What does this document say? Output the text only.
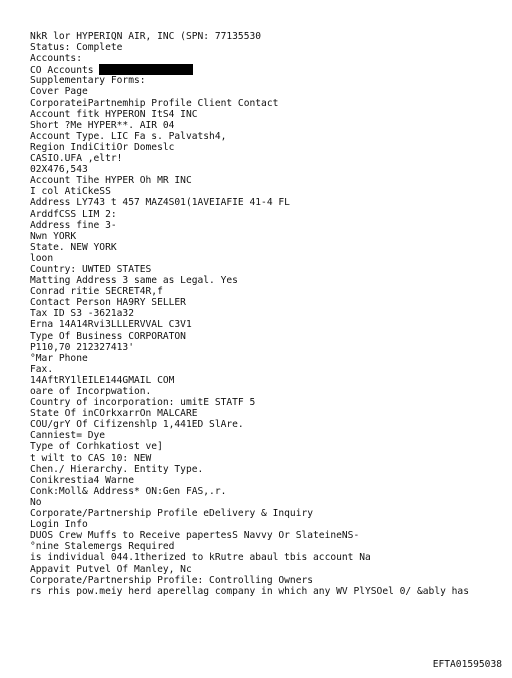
NkR lor HYPERIQN AIR, INC (SPN: 77135530
Status: Complete
Accounts:
CO Accounts
Supplementary Forms:
Cover Page
CorporateiPartnemhip Profile Client Contact
Account fitk HYPERON ItS4 INC
Short ?Me HYPER**. AIR 04
Account Type. LIC Fa s. Palvatsh4,
Region IndiCitiOr Domeslc
CASIO.UFA ,eltr!
02X476,543
Account Tihe HYPER Oh MR INC
I col AtiCkeSS
Address LY743 t 457 MAZ4S01(1AVEIAFIE 41-4 FL
ArddfCSS LIM 2:
Address fine 3-
Nwn YORK
State. NEW YORK
loon
Country: UWTED STATES
Matting Address 3 same as Legal. Yes
Conrad ritie SECRET4R,f
Contact Person HA9RY SELLER
Tax ID S3 -3621a32
Erna 14A14Rvi3LLLERVVAL C3V1
Type Of Business CORPORATON
P110,70 212327413'
°Mar Phone
Fax.
14AftRY1lEILE144GMAIL COM
oare of Incorpwation.
Country of incorporation: umitE STATF 5
State Of inCOrkxarrOn MALCARE
COU/grY Of Cifizenshlp 1,441ED SlAre.
Canniest= Dye
Type of Corhkatiost ve]
t wilt to CAS 10: NEW
Chen./ Hierarchy. Entity Type.
Conikrestia4 Warne
Conk:Moll& Address* ON:Gen FAS,.r.
No
Corporate/Partnership Profile eDelivery & Inquiry
Login Info
DUOS Crew Muffs to Receive papertesS Navvy Or SlateineNS-
°nine Stalemergs Required
is individual 044.1therized to kRutre abaul tbis account Na
Appavit Putvel Of Manley, Nc
Corporate/Partnership Profile: Controlling Owners
rs rhis pow.meiy herd aperellag company in which any WV PlYSOel 0/ &ably has
EFTA01595038
